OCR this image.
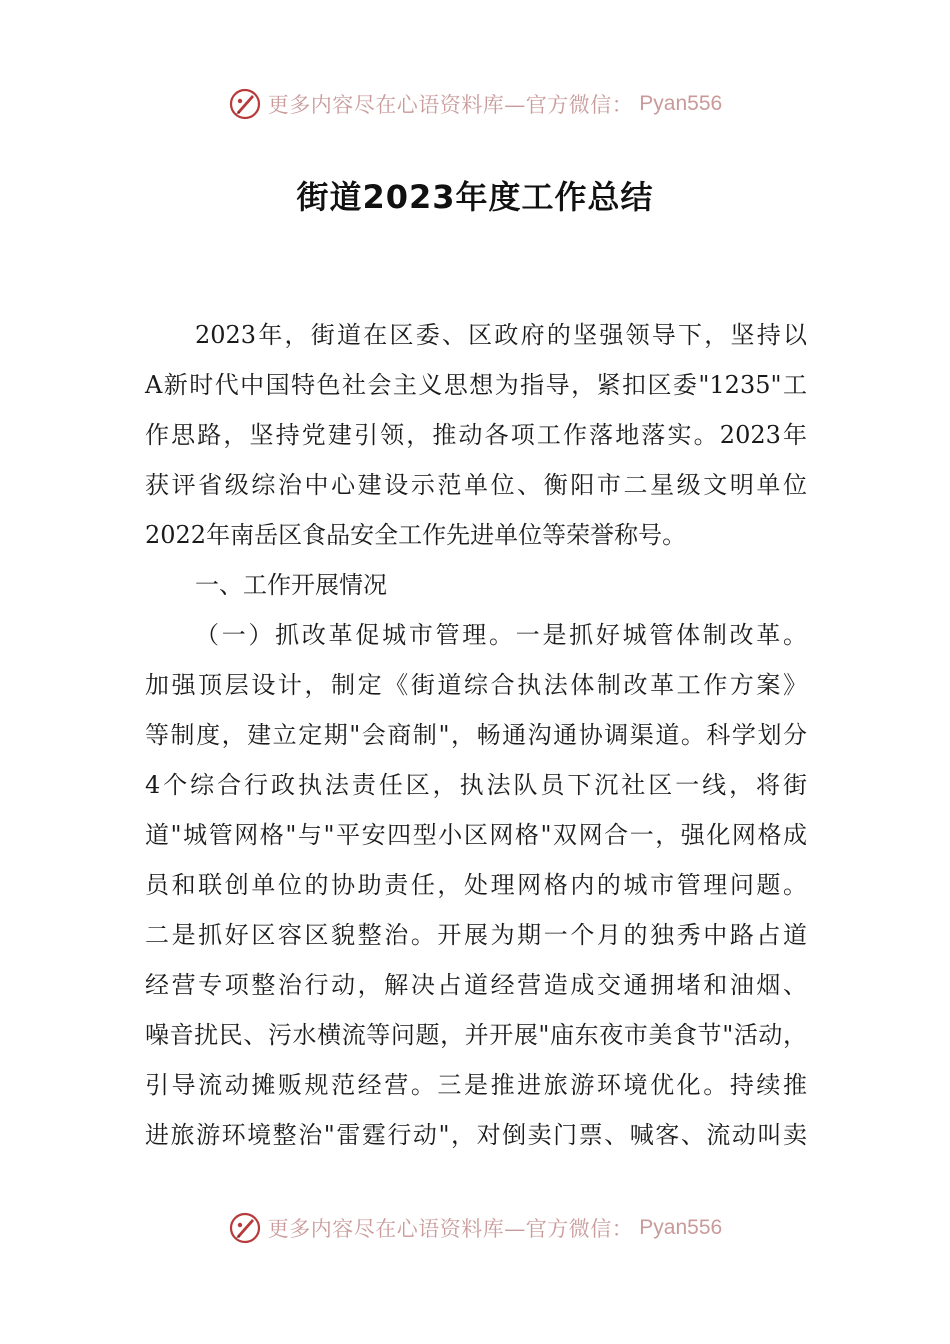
更多内容尽在心语资料库—官方微信： Pyan556
街道2023年度工作总结
2023年，街道在区委、区政府的坚强领导下，坚持以
A新时代中国特色社会主义思想为指导，紧扣区委"1235"工
作思路，坚持党建引领，推动各项工作落地落实。2023年
获评省级综治中心建设示范单位、衡阳市二星级文明单位
2022年南岳区食品安全工作先进单位等荣誉称号。
一、工作开展情况
（一）抓改革促城市管理。一是抓好城管体制改革。
加强顶层设计，制定《街道综合执法体制改革工作方案》
等制度，建立定期"会商制"，畅通沟通协调渠道。科学划分
4个综合行政执法责任区，执法队员下沉社区一线，将街
道"城管网格"与"平安四型小区网格"双网合一，强化网格成
员和联创单位的协助责任，处理网格内的城市管理问题。
二是抓好区容区貌整治。开展为期一个月的独秀中路占道
经营专项整治行动，解决占道经营造成交通拥堵和油烟、
噪音扰民、污水横流等问题，并开展"庙东夜市美食节"活动，
引导流动摊贩规范经营。三是推进旅游环境优化。持续推
进旅游环境整治"雷霆行动"，对倒卖门票、喊客、流动叫卖
更多内容尽在心语资料库—官方微信： Pyan556
